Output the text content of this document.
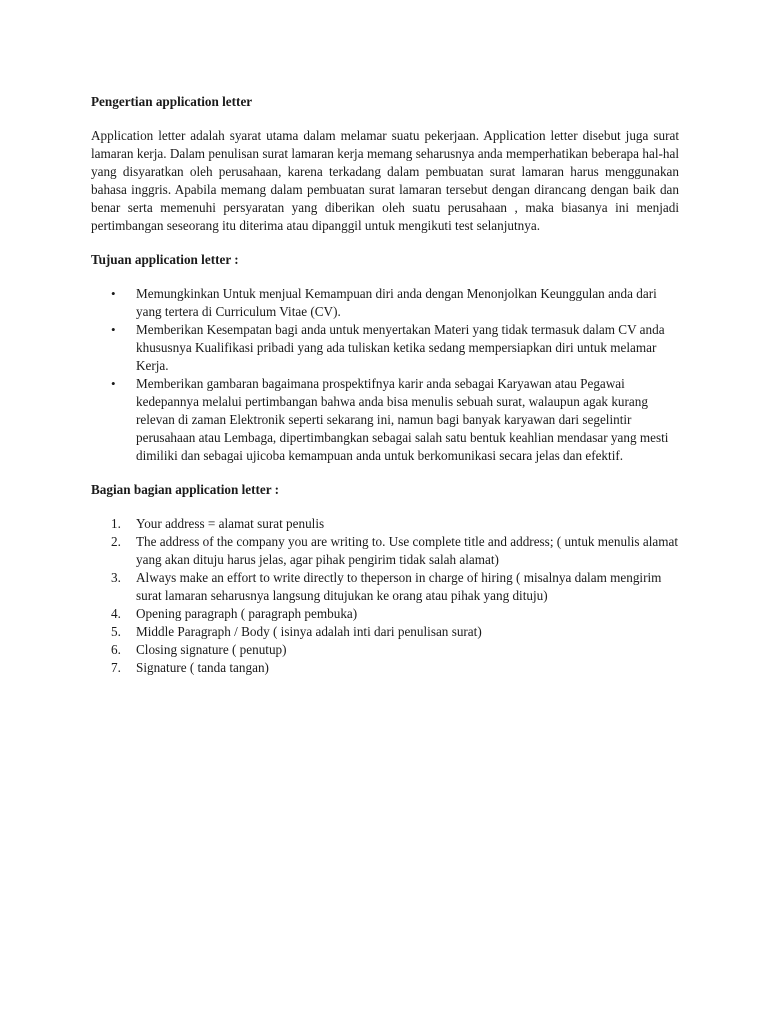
Pengertian application letter

Application letter adalah syarat utama dalam melamar suatu pekerjaan. Application letter disebut juga surat lamaran kerja. Dalam penulisan surat lamaran kerja memang seharusnya anda memperhatikan beberapa hal-hal yang disyaratkan oleh perusahaan, karena terkadang dalam pembuatan surat lamaran harus menggunakan bahasa inggris. Apabila memang dalam pembuatan surat lamaran tersebut dengan dirancang dengan baik dan benar serta memenuhi persyaratan yang diberikan oleh suatu perusahaan , maka biasanya ini menjadi pertimbangan seseorang itu diterima atau dipanggil untuk mengikuti test selanjutnya.

Tujuan application letter :

• Memungkinkan Untuk menjual Kemampuan diri anda dengan Menonjolkan Keunggulan anda dari yang tertera di Curriculum Vitae (CV).
• Memberikan Kesempatan bagi anda untuk menyertakan Materi yang tidak termasuk dalam CV anda khususnya Kualifikasi pribadi yang ada tuliskan ketika sedang mempersiapkan diri untuk melamar Kerja.
• Memberikan gambaran bagaimana prospektifnya karir anda sebagai Karyawan atau Pegawai kedepannya melalui pertimbangan bahwa anda bisa menulis sebuah surat, walaupun agak kurang relevan di zaman Elektronik seperti sekarang ini, namun bagi banyak karyawan dari segelintir perusahaan atau Lembaga, dipertimbangkan sebagai salah satu bentuk keahlian mendasar yang mesti dimiliki dan sebagai ujicoba kemampuan anda untuk berkomunikasi secara jelas dan efektif.

Bagian bagian application letter :

1. Your address = alamat surat penulis
2. The address of the company you are writing to. Use complete title and address; ( untuk menulis alamat yang akan dituju harus jelas, agar pihak pengirim tidak salah alamat)
3. Always make an effort to write directly to theperson in charge of hiring ( misalnya dalam mengirim surat lamaran seharusnya langsung ditujukan ke orang atau pihak yang dituju)
4. Opening paragraph ( paragraph pembuka)
5. Middle Paragraph / Body ( isinya adalah inti dari penulisan surat)
6. Closing signature ( penutup)
7. Signature ( tanda tangan)
